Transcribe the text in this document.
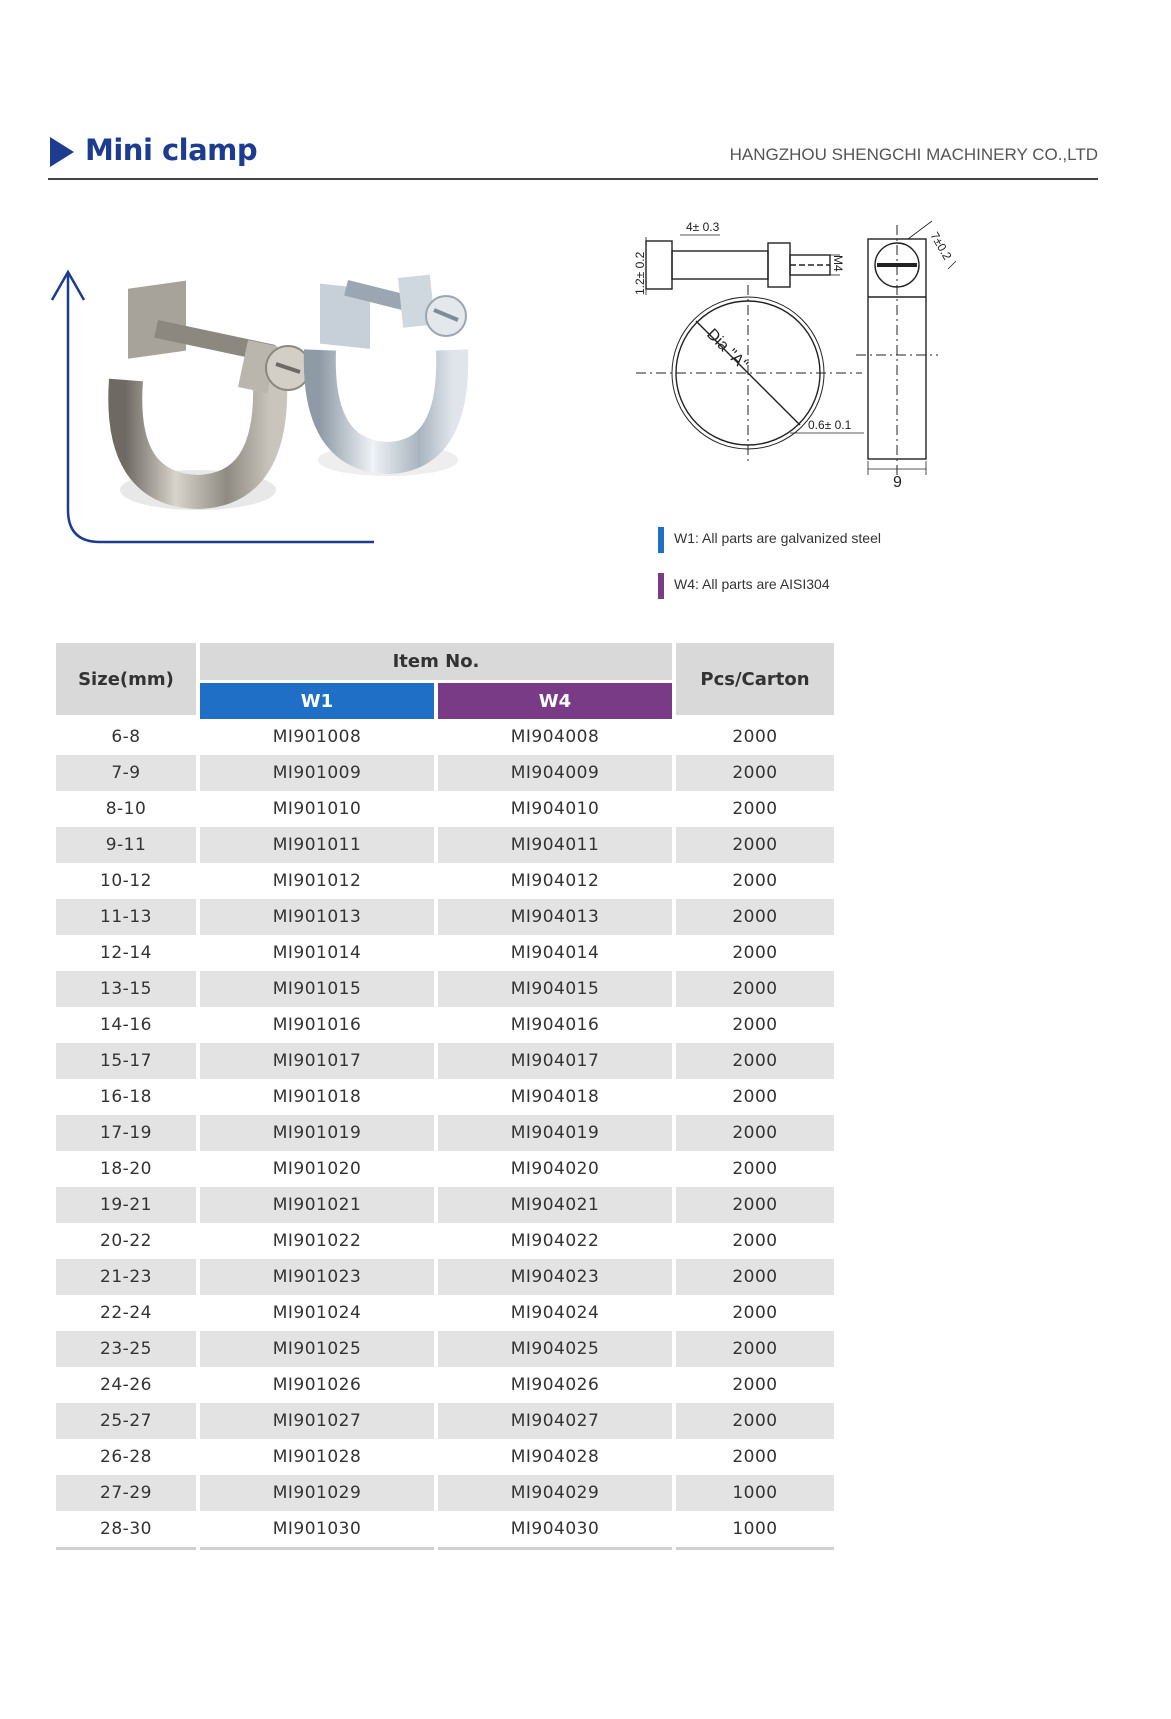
Mini clamp	HANGZHOU SHENGCHI MACHINERY CO.,LTD
4± 0.3
1.2± 0.2	M4
Dia "A"
0.6± 0.1
9
7±0.2
W1: All parts are galvanized steel
W4: All parts are AISI304
Size(mm)	Item No.		Pcs/Carton
	W1	W4	
6-8	MI901008	MI904008	2000
7-9	MI901009	MI904009	2000
8-10	MI901010	MI904010	2000
9-11	MI901011	MI904011	2000
10-12	MI901012	MI904012	2000
11-13	MI901013	MI904013	2000
12-14	MI901014	MI904014	2000
13-15	MI901015	MI904015	2000
14-16	MI901016	MI904016	2000
15-17	MI901017	MI904017	2000
16-18	MI901018	MI904018	2000
17-19	MI901019	MI904019	2000
18-20	MI901020	MI904020	2000
19-21	MI901021	MI904021	2000
20-22	MI901022	MI904022	2000
21-23	MI901023	MI904023	2000
22-24	MI901024	MI904024	2000
23-25	MI901025	MI904025	2000
24-26	MI901026	MI904026	2000
25-27	MI901027	MI904027	2000
26-28	MI901028	MI904028	2000
27-29	MI901029	MI904029	1000
28-30	MI901030	MI904030	1000
